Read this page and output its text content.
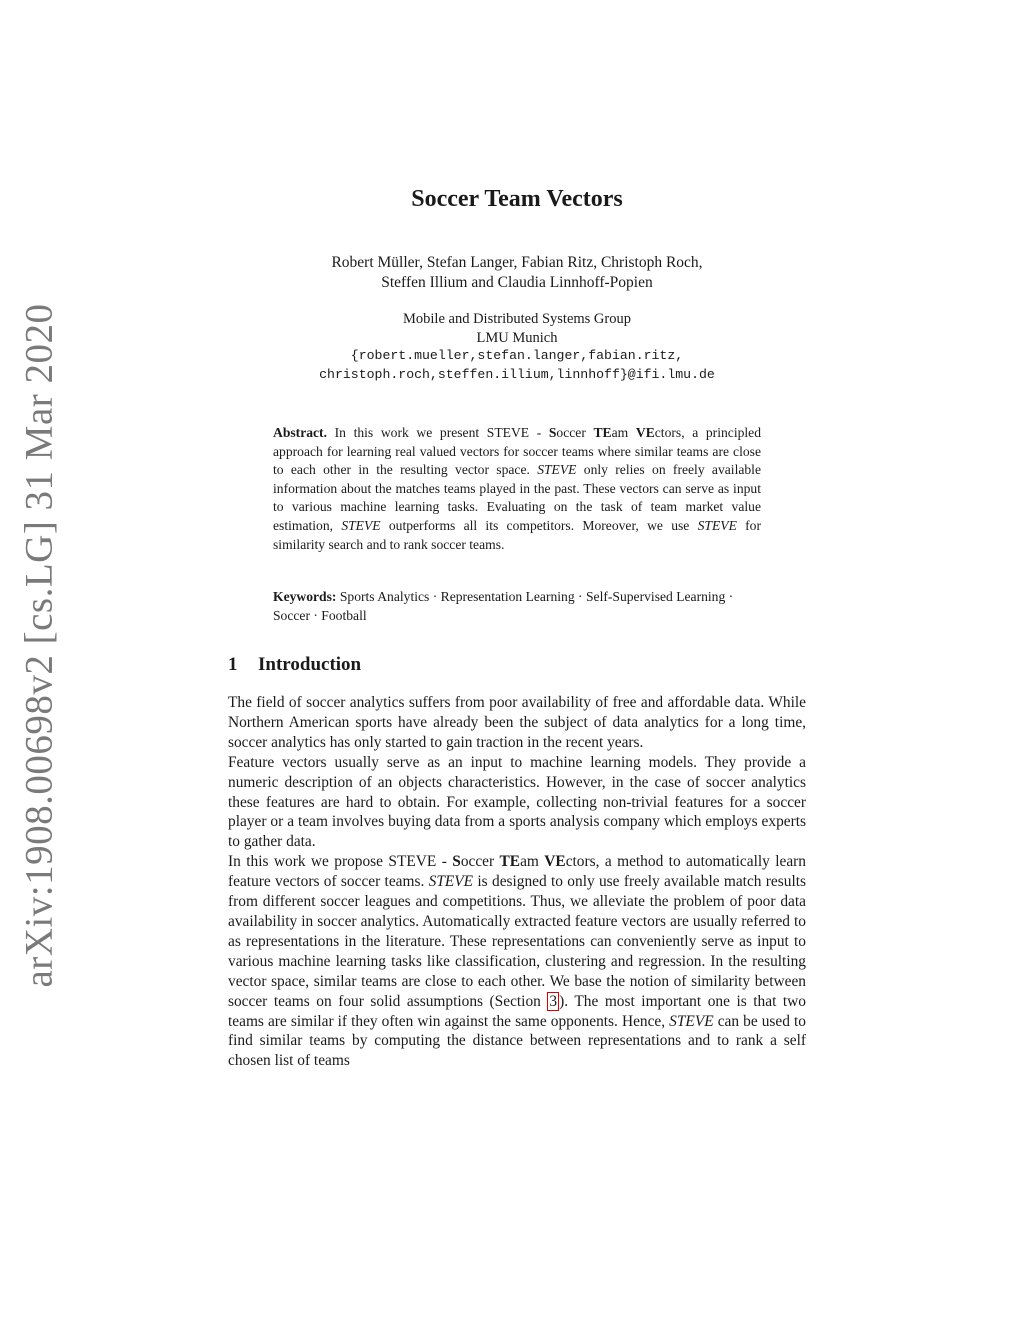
arXiv:1908.00698v2 [cs.LG] 31 Mar 2020
Soccer Team Vectors
Robert Müller, Stefan Langer, Fabian Ritz, Christoph Roch,
Steffen Illium and Claudia Linnhoff-Popien
Mobile and Distributed Systems Group
LMU Munich
{robert.mueller,stefan.langer,fabian.ritz,
christoph.roch,steffen.illium,linnhoff}@ifi.lmu.de
Abstract. In this work we present STEVE - Soccer TEam VEctors, a principled approach for learning real valued vectors for soccer teams where similar teams are close to each other in the resulting vector space. STEVE only relies on freely available information about the matches teams played in the past. These vectors can serve as input to various machine learning tasks. Evaluating on the task of team market value estimation, STEVE outperforms all its competitors. Moreover, we use STEVE for similarity search and to rank soccer teams.
Keywords: Sports Analytics · Representation Learning · Self-Supervised Learning · Soccer · Football
1 Introduction

The field of soccer analytics suffers from poor availability of free and affordable data. While Northern American sports have already been the subject of data analytics for a long time, soccer analytics has only started to gain traction in the recent years.

Feature vectors usually serve as an input to machine learning models. They provide a numeric description of an objects characteristics. However, in the case of soccer analytics these features are hard to obtain. For example, collecting non-trivial features for a soccer player or a team involves buying data from a sports analysis company which employs experts to gather data.

In this work we propose STEVE - Soccer TEam VEctors, a method to automatically learn feature vectors of soccer teams. STEVE is designed to only use freely available match results from different soccer leagues and competitions. Thus, we alleviate the problem of poor data availability in soccer analytics. Automatically extracted feature vectors are usually referred to as representations in the literature. These representations can conveniently serve as input to various machine learning tasks like classification, clustering and regression. In the resulting vector space, similar teams are close to each other. We base the notion of similarity between soccer teams on four solid assumptions (Section 3 ). The most important one is that two teams are similar if they often win against the same opponents. Hence, STEVE can be used to find similar teams by computing the distance between representations and to rank a self chosen list of teams
